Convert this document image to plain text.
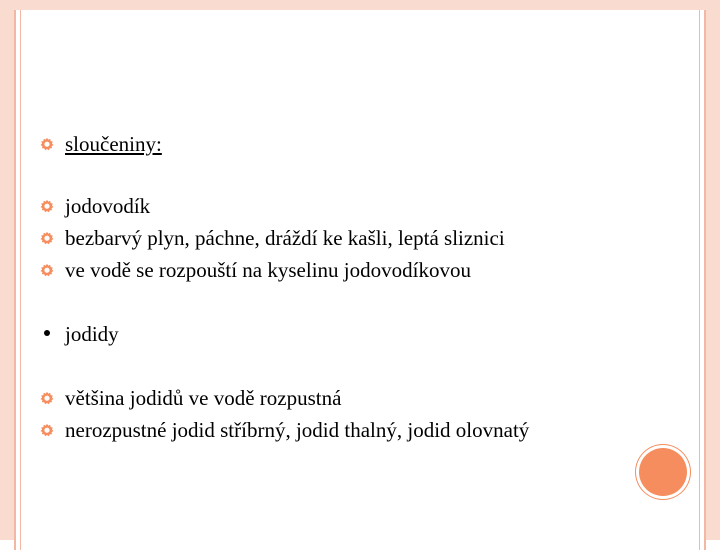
sloučeniny:
jodovodík
bezbarvý plyn, páchne, dráždí ke kašli, leptá sliznici
ve vodě se rozpouští na kyselinu jodovodíkovou
jodidy
většina jodidů ve vodě rozpustná
nerozpustné jodid stříbrný, jodid thalný, jodid olovnatý
